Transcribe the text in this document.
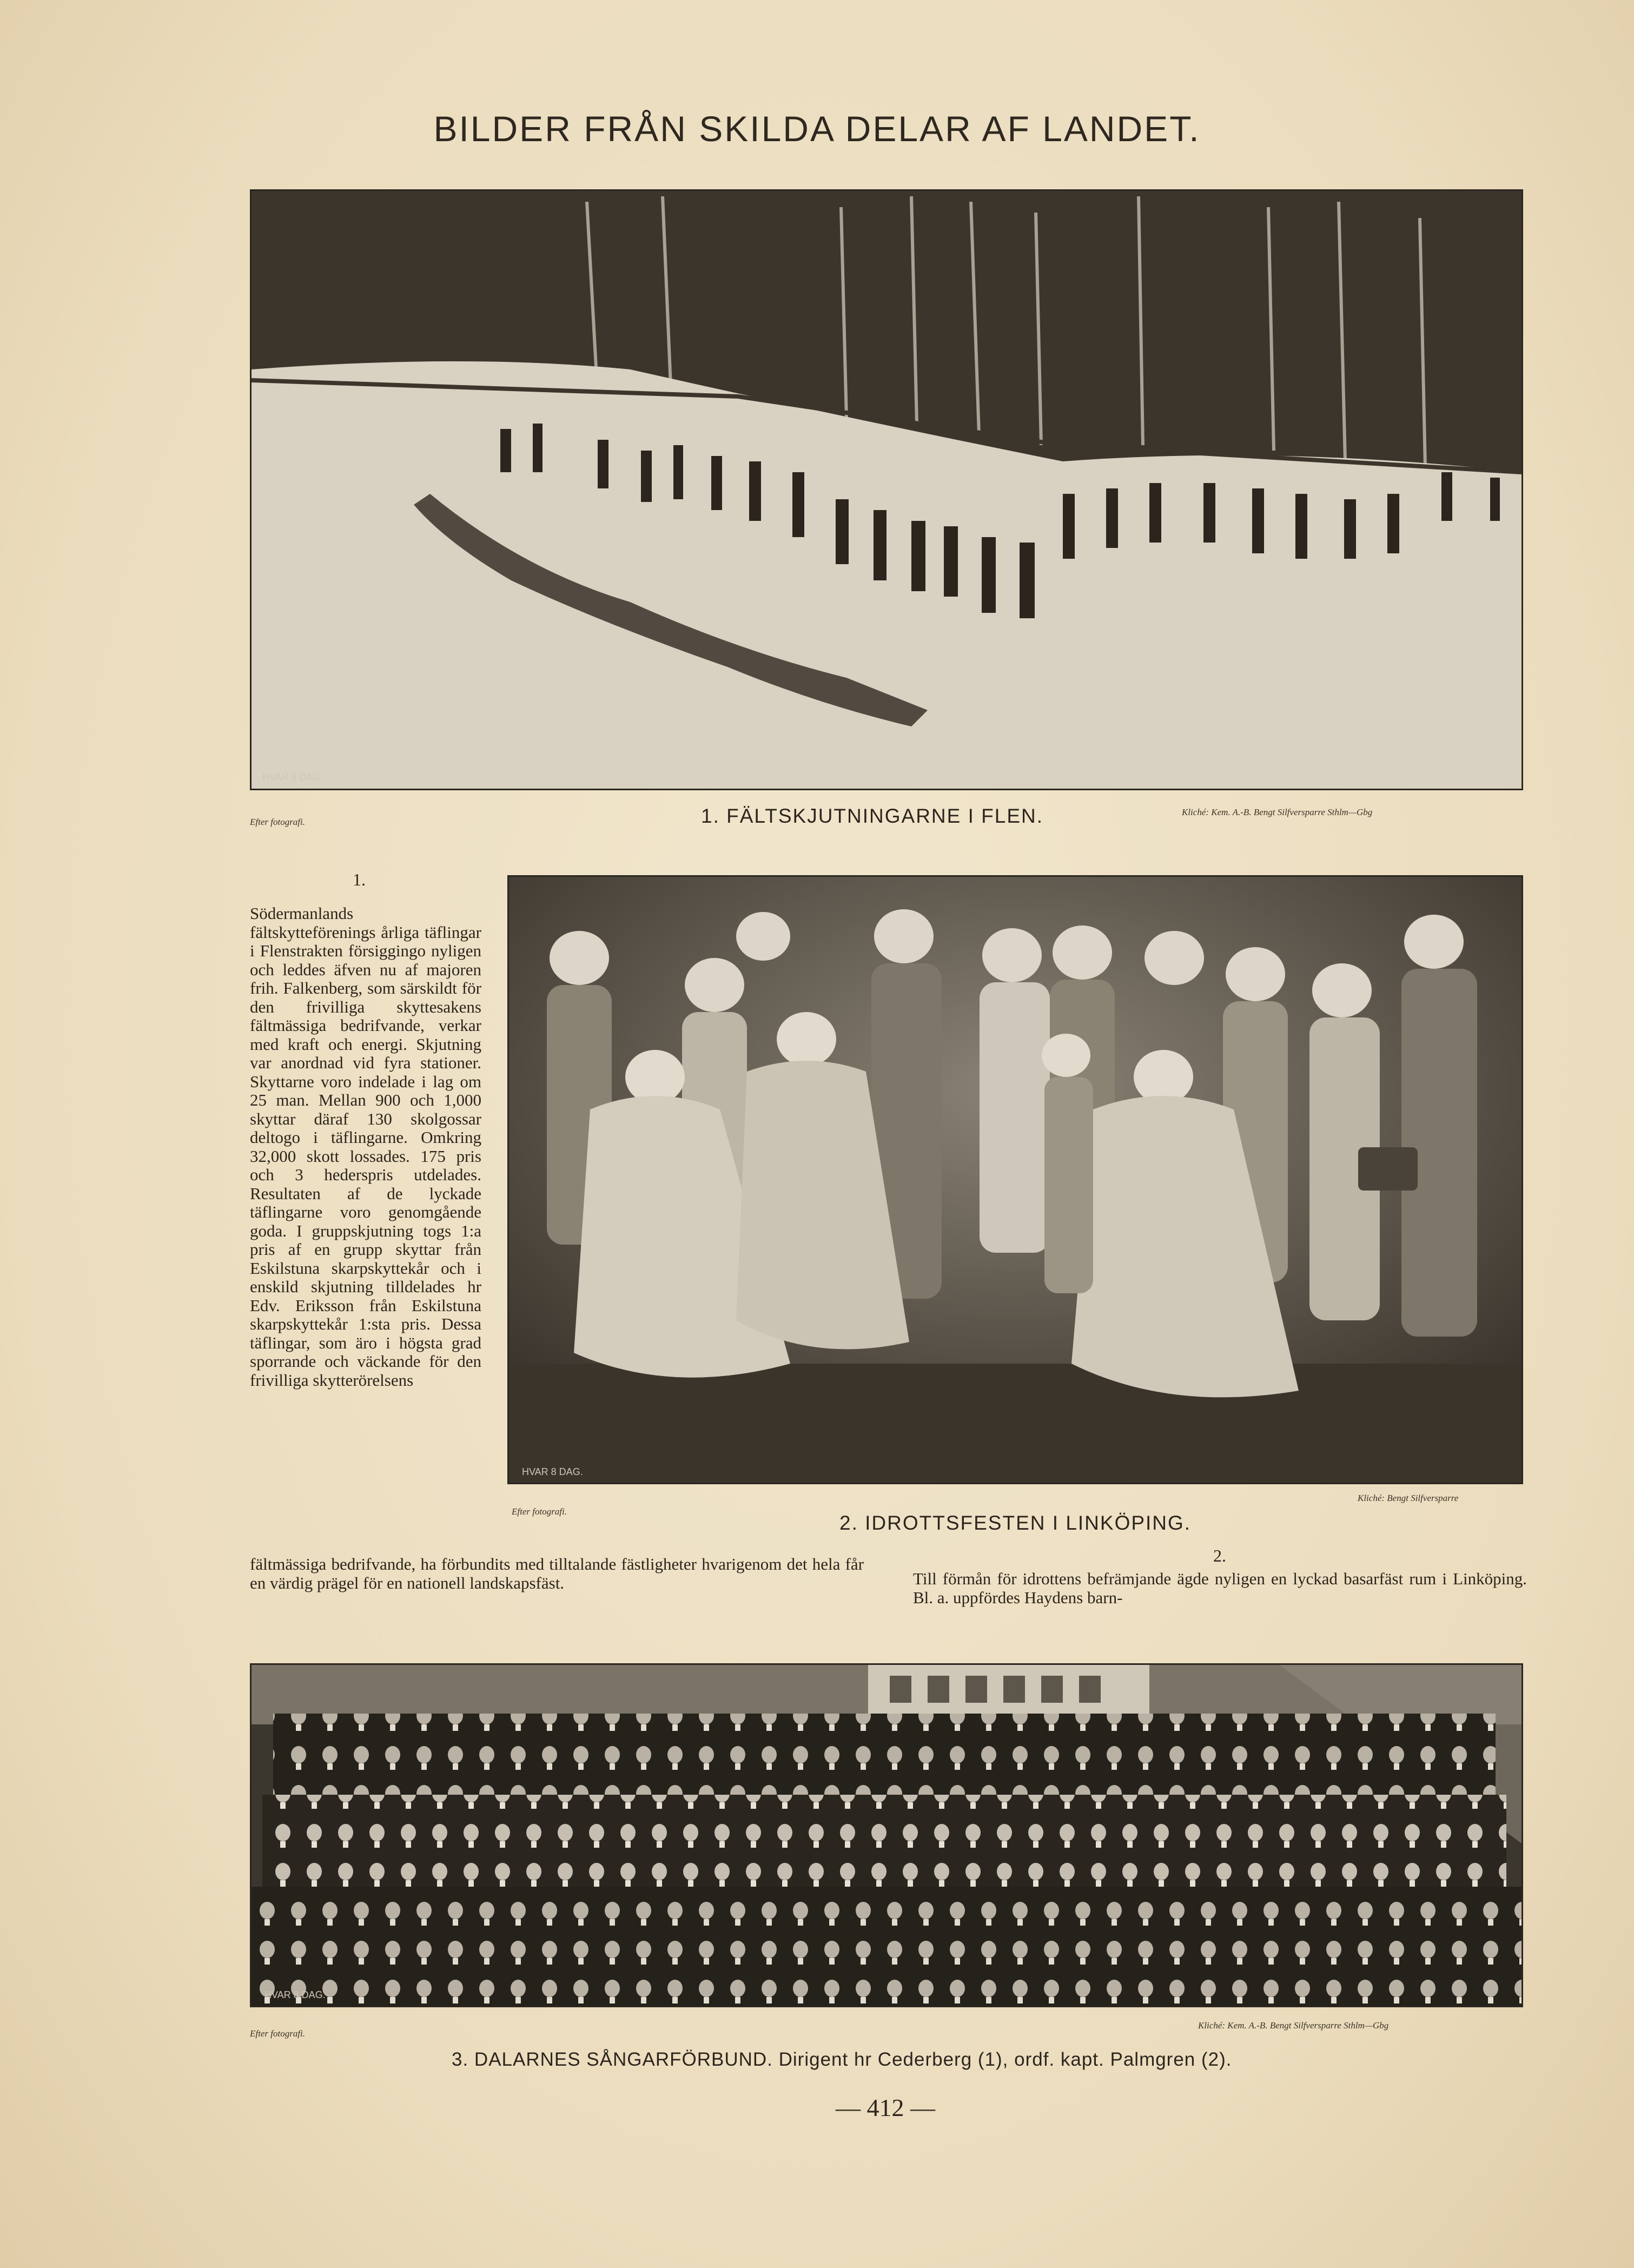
BILDER FRÅN SKILDA DELAR AF LANDET.
HVAR 8 DAG.
Efter fotografi.	1. FÄLTSKJUTNINGARNE I FLEN.	Kliché: Kem. A.-B. Bengt Silfversparre Sthlm—Gbg
1.

Södermanlands fältskytteförenings årliga täflingar i Flenstrakten försiggingo nyligen och leddes äfven nu af majoren frih. Falkenberg, som särskildt för den frivilliga skyttesakens fältmässiga bedrifvande, verkar med kraft och energi. Skjutning var anordnad vid fyra stationer. Skyttarne voro indelade i lag om 25 man. Mellan 900 och 1,000 skyttar däraf 130 skolgossar deltogo i täflingarne. Omkring 32,000 skott lossades. 175 pris och 3 hederspris utdelades. Resultaten af de lyckade täflingarne voro genomgående goda. I gruppskjutning togs 1:a pris af en grupp skyttar från Eskilstuna skarpskyttekår och i enskild skjutning tilldelades hr Edv. Eriksson från Eskilstuna skarpskyttekår 1:sta pris. Dessa täflingar, som äro i högsta grad sporrande och väckande för den frivilliga skytterörelsens

fältmässiga bedrifvande, ha förbundits med tilltalande fästligheter hvarigenom det hela får en värdig prägel för en nationell landskapsfäst.
HVAR 8 DAG.
Efter fotografi.
Kliché: Bengt Silfversparre
2. IDROTTSFESTEN I LINKÖPING.
2.
Till förmån för idrottens befrämjande ägde nyligen en lyckad basarfäst rum i Linköping. Bl. a. uppfördes Haydens barn-
HVAR 8 DAG.
Efter fotografi.
Kliché: Kem. A.-B. Bengt Silfversparre Sthlm—Gbg
3. DALARNES SÅNGARFÖRBUND. Dirigent hr Cederberg (1), ordf. kapt. Palmgren (2).
— 412 —
